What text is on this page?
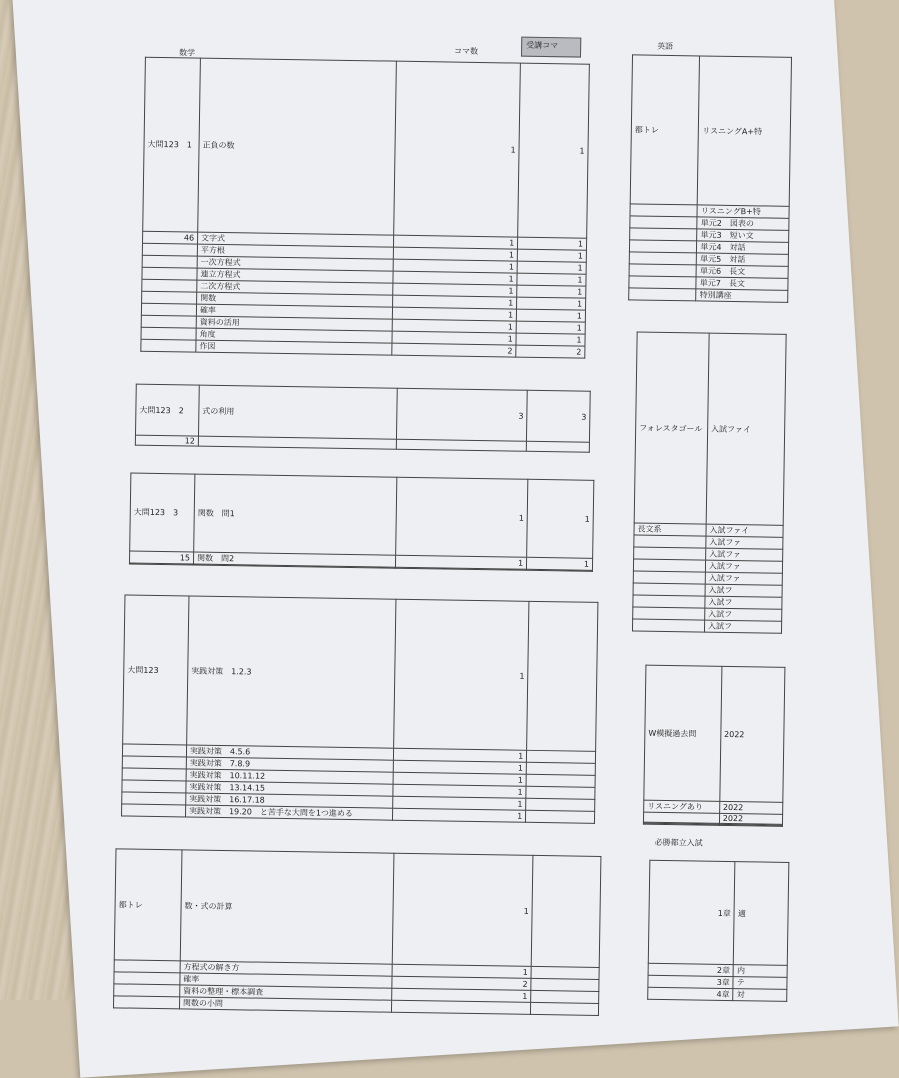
数学	コマ数
受講コマ
大問123　1	正負の数	1	1
46	文字式	1	1
	平方根	1	1
	一次方程式	1	1
	連立方程式	1	1
	二次方程式	1	1
	関数	1	1
	確率	1	1
	資料の活用	1	1
	角度	1	1
	作図	2	2
大問123　2	式の利用	3	3
12			
大問123　3	関数　問1	1	1
15	関数　問2	1	1

大問123	実践対策　1.2.3	1	
	実践対策　4.5.6	1	
	実践対策　7.8.9	1	
	実践対策　10.11.12	1	
	実践対策　13.14.15	1	
	実践対策　16.17.18	1	
	実践対策　19.20　と苦手な大問を1つ進める	1	
都トレ	数・式の計算	1	
	方程式の解き方	1	
	確率	2	
	資料の整理・標本調査	1	
	関数の小問		
英語
都トレ	リスニングA+特
	リスニングB+特
	単元2　図表の
	単元3　短い文
	単元4　対話
	単元5　対話
	単元6　長文
	単元7　長文
	特別講座
フォレスタゴール	入試ファイ
長文系	入試ファイ
	入試ファ
	入試ファ
	入試ファ
	入試ファ
	入試フ
	入試フ
	入試フ
	入試フ
W模擬過去問	2022
リスニングあり	2022
	2022

必勝都立入試
1章	適
2章	内
3章	テ
4章	対
